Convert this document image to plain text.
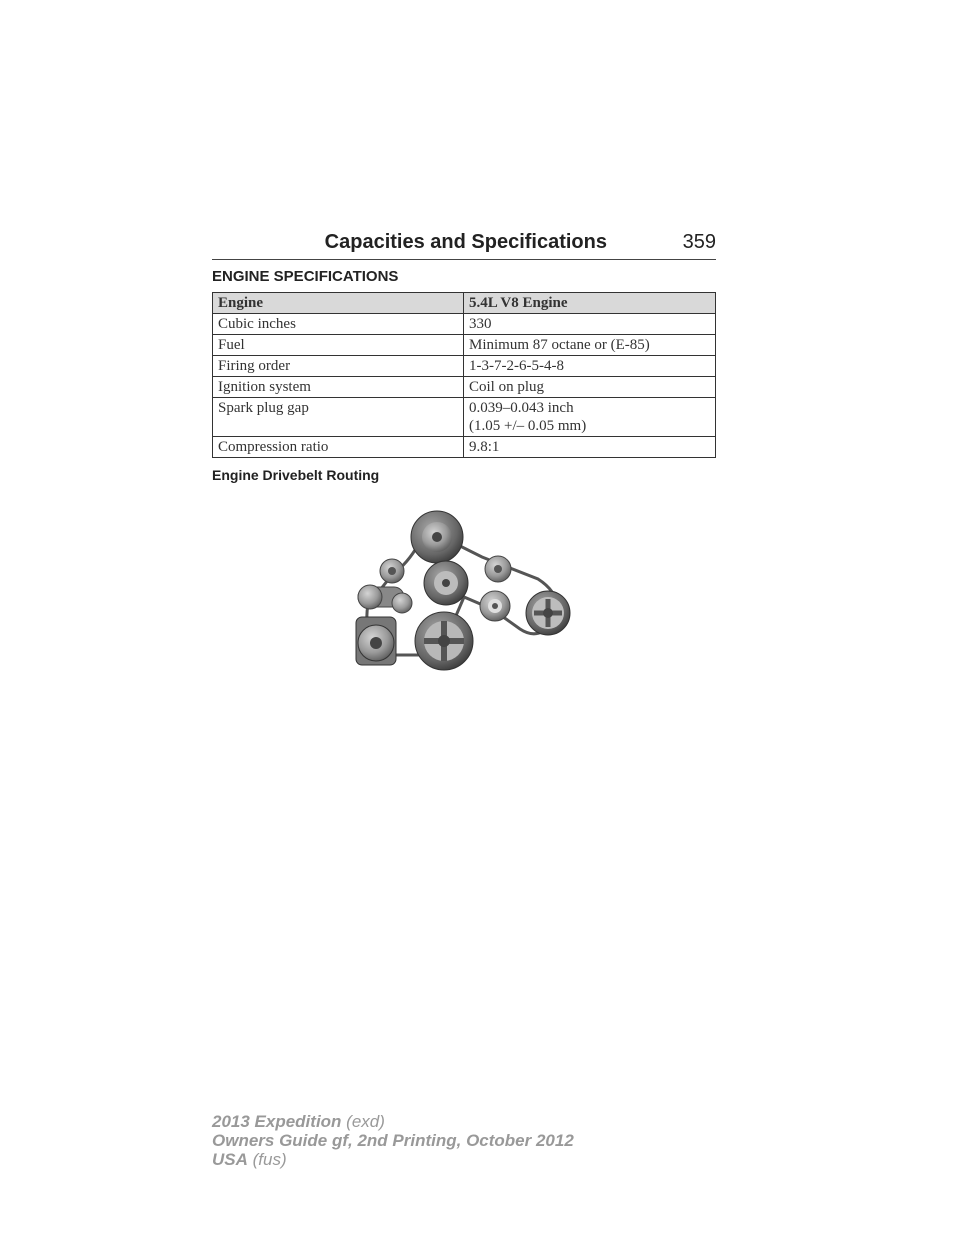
Capacities and Specifications	359
ENGINE SPECIFICATIONS
Engine	5.4L V8 Engine
Cubic inches	330
Fuel	Minimum 87 octane or (E-85)
Firing order	1-3-7-2-6-5-4-8
Ignition system	Coil on plug
Spark plug gap	0.039–0.043 inch
(1.05 +/– 0.05 mm)

Compression ratio	9.8:1
Engine Drivebelt Routing
2013 Expedition (exd)
Owners Guide gf, 2nd Printing, October 2012
USA (fus)
